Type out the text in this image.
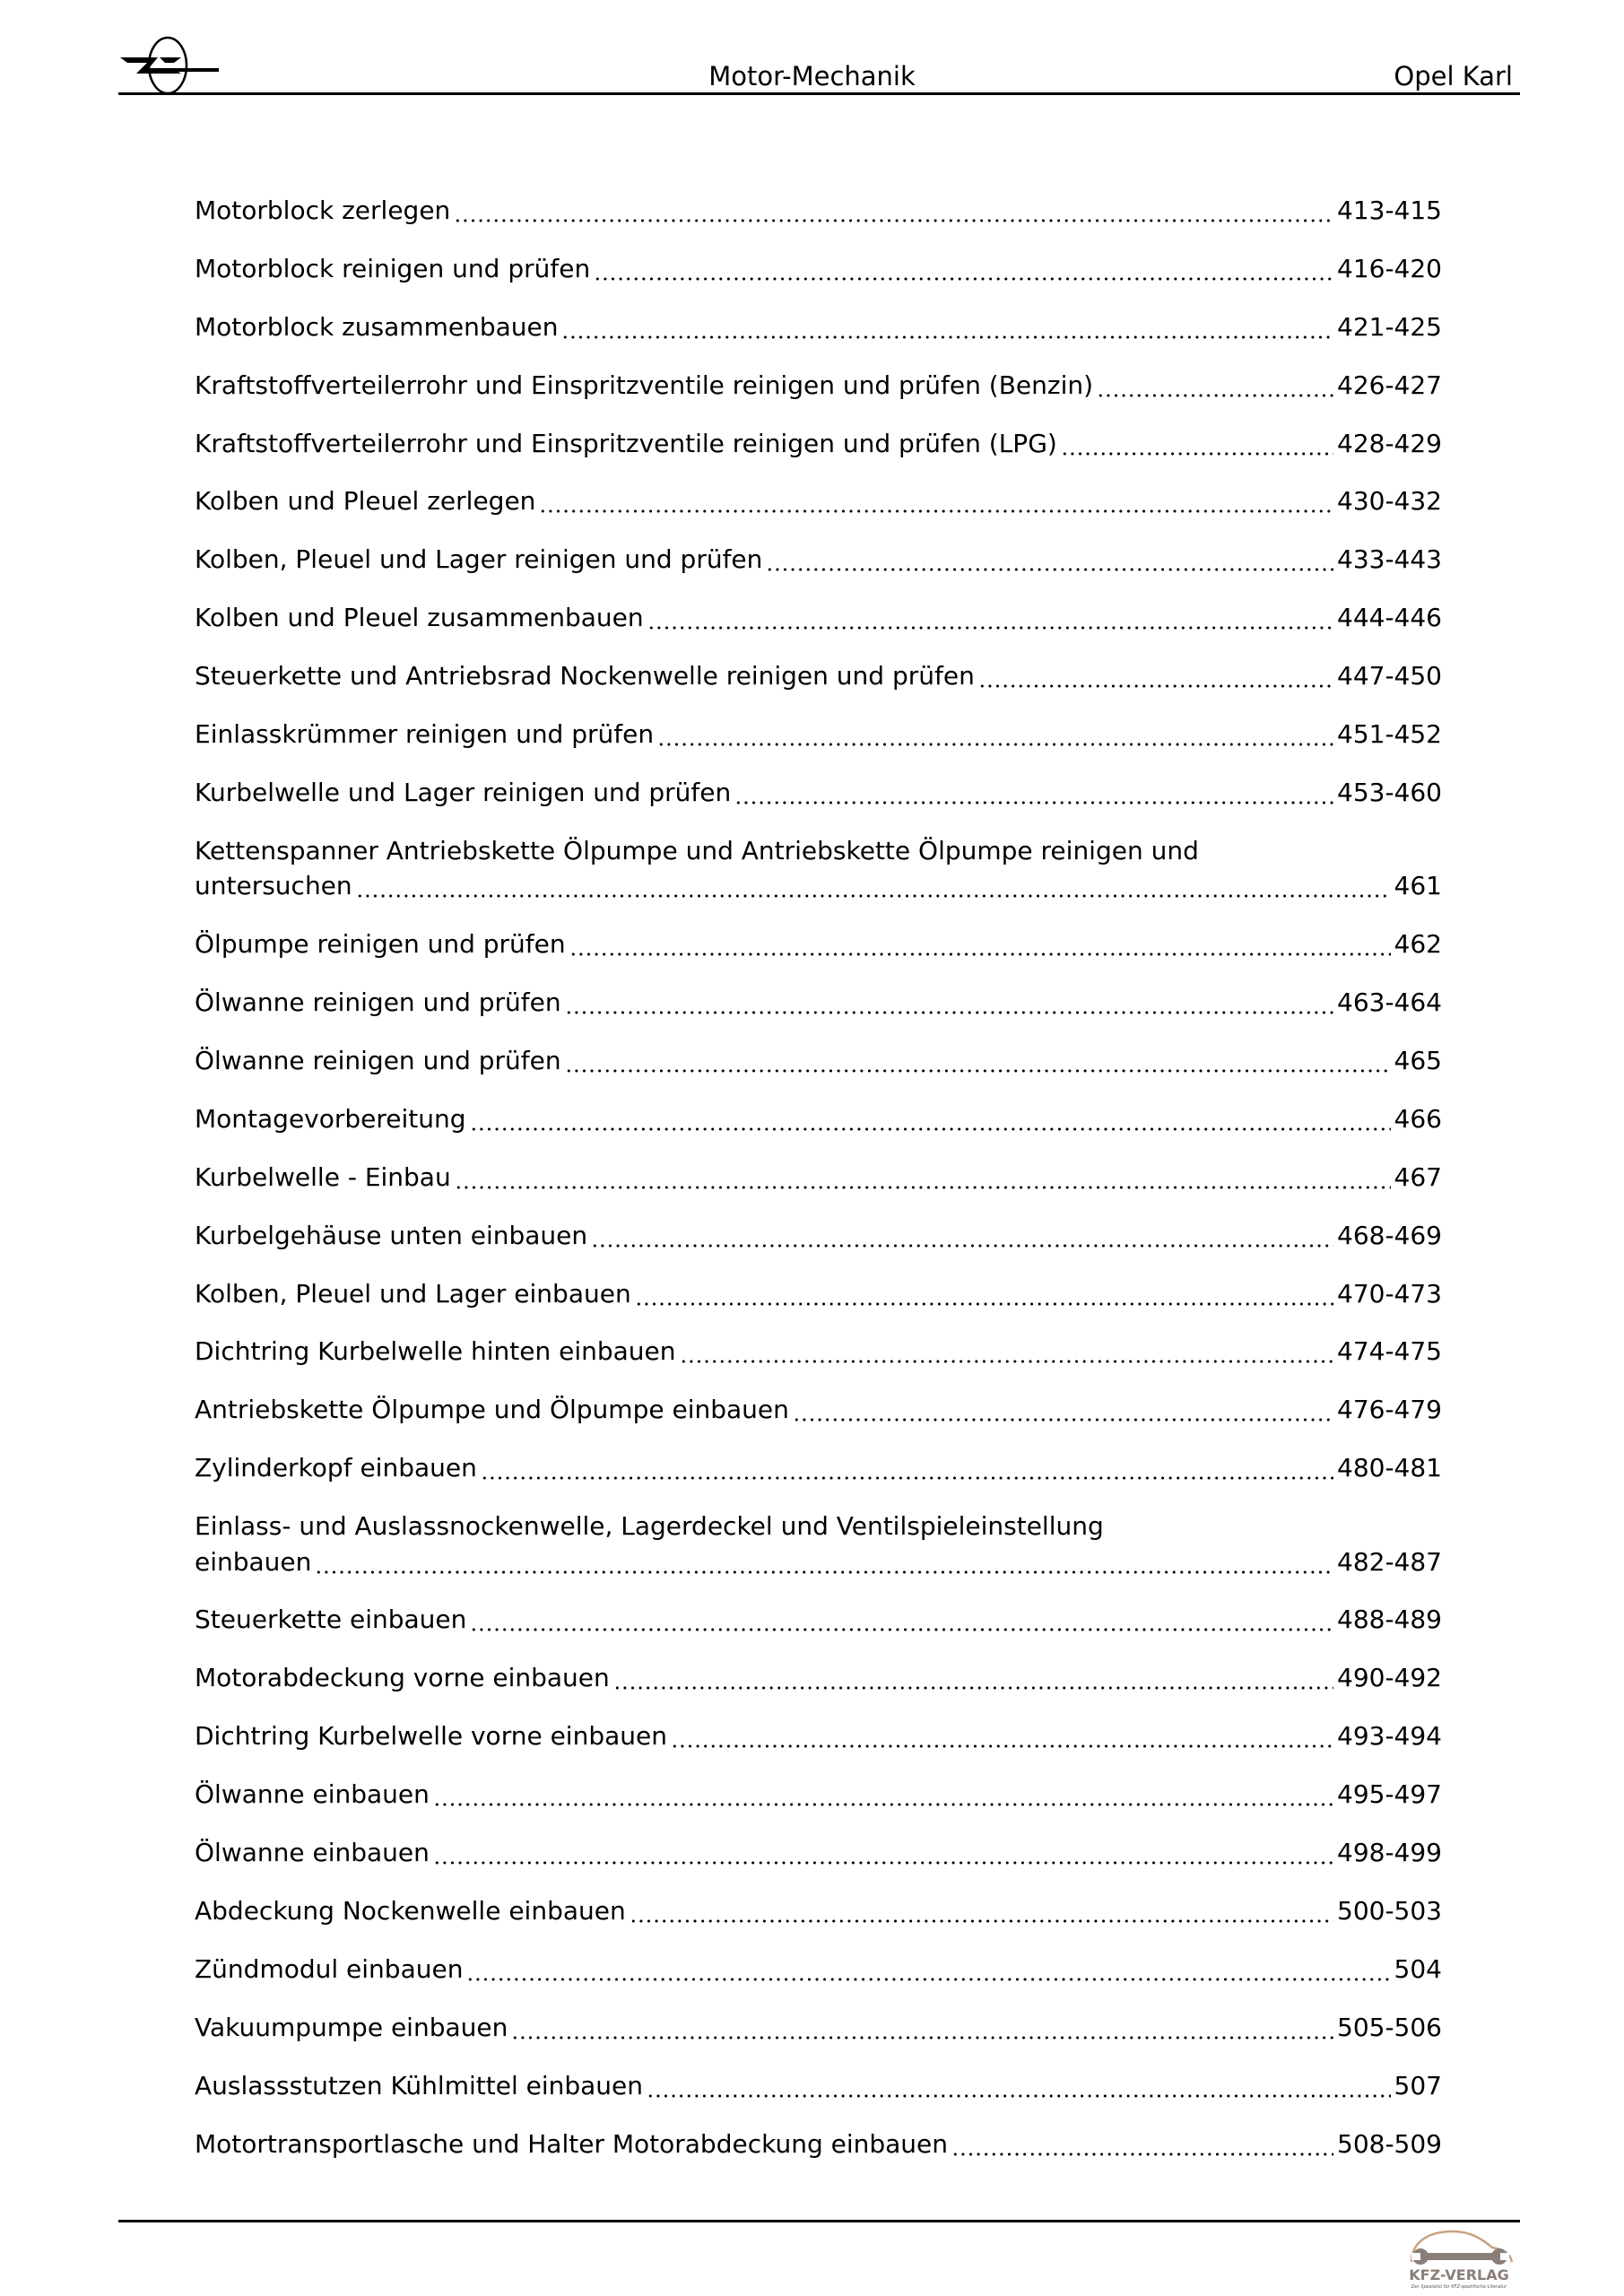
Motor-Mechanik	Opel Karl
Motorblock zerlegen	413-415
Motorblock reinigen und prüfen	416-420
Motorblock zusammenbauen	421-425
Kraftstoffverteilerrohr und Einspritzventile reinigen und prüfen (Benzin)	426-427
Kraftstoffverteilerrohr und Einspritzventile reinigen und prüfen (LPG)	428-429
Kolben und Pleuel zerlegen	430-432
Kolben, Pleuel und Lager reinigen und prüfen	433-443
Kolben und Pleuel zusammenbauen	444-446
Steuerkette und Antriebsrad Nockenwelle reinigen und prüfen	447-450
Einlasskrümmer reinigen und prüfen	451-452
Kurbelwelle und Lager reinigen und prüfen	453-460
Kettenspanner Antriebskette Ölpumpe und Antriebskette Ölpumpe reinigen und
untersuchen	461
Ölpumpe reinigen und prüfen	462
Ölwanne reinigen und prüfen	463-464
Ölwanne reinigen und prüfen	465
Montagevorbereitung	466
Kurbelwelle - Einbau	467
Kurbelgehäuse unten einbauen	468-469
Kolben, Pleuel und Lager einbauen	470-473
Dichtring Kurbelwelle hinten einbauen	474-475
Antriebskette Ölpumpe und Ölpumpe einbauen	476-479
Zylinderkopf einbauen	480-481
Einlass- und Auslassnockenwelle, Lagerdeckel und Ventilspieleinstellung
einbauen	482-487
Steuerkette einbauen	488-489
Motorabdeckung vorne einbauen	490-492
Dichtring Kurbelwelle vorne einbauen	493-494
Ölwanne einbauen	495-497
Ölwanne einbauen	498-499
Abdeckung Nockenwelle einbauen	500-503
Zündmodul einbauen	504
Vakuumpumpe einbauen	505-506
Auslassstutzen Kühlmittel einbauen	507
Motortransportlasche und Halter Motorabdeckung einbauen	508-509
KFZ-VERLAG
Der Spezialist für KFZ-spezifische Literatur
